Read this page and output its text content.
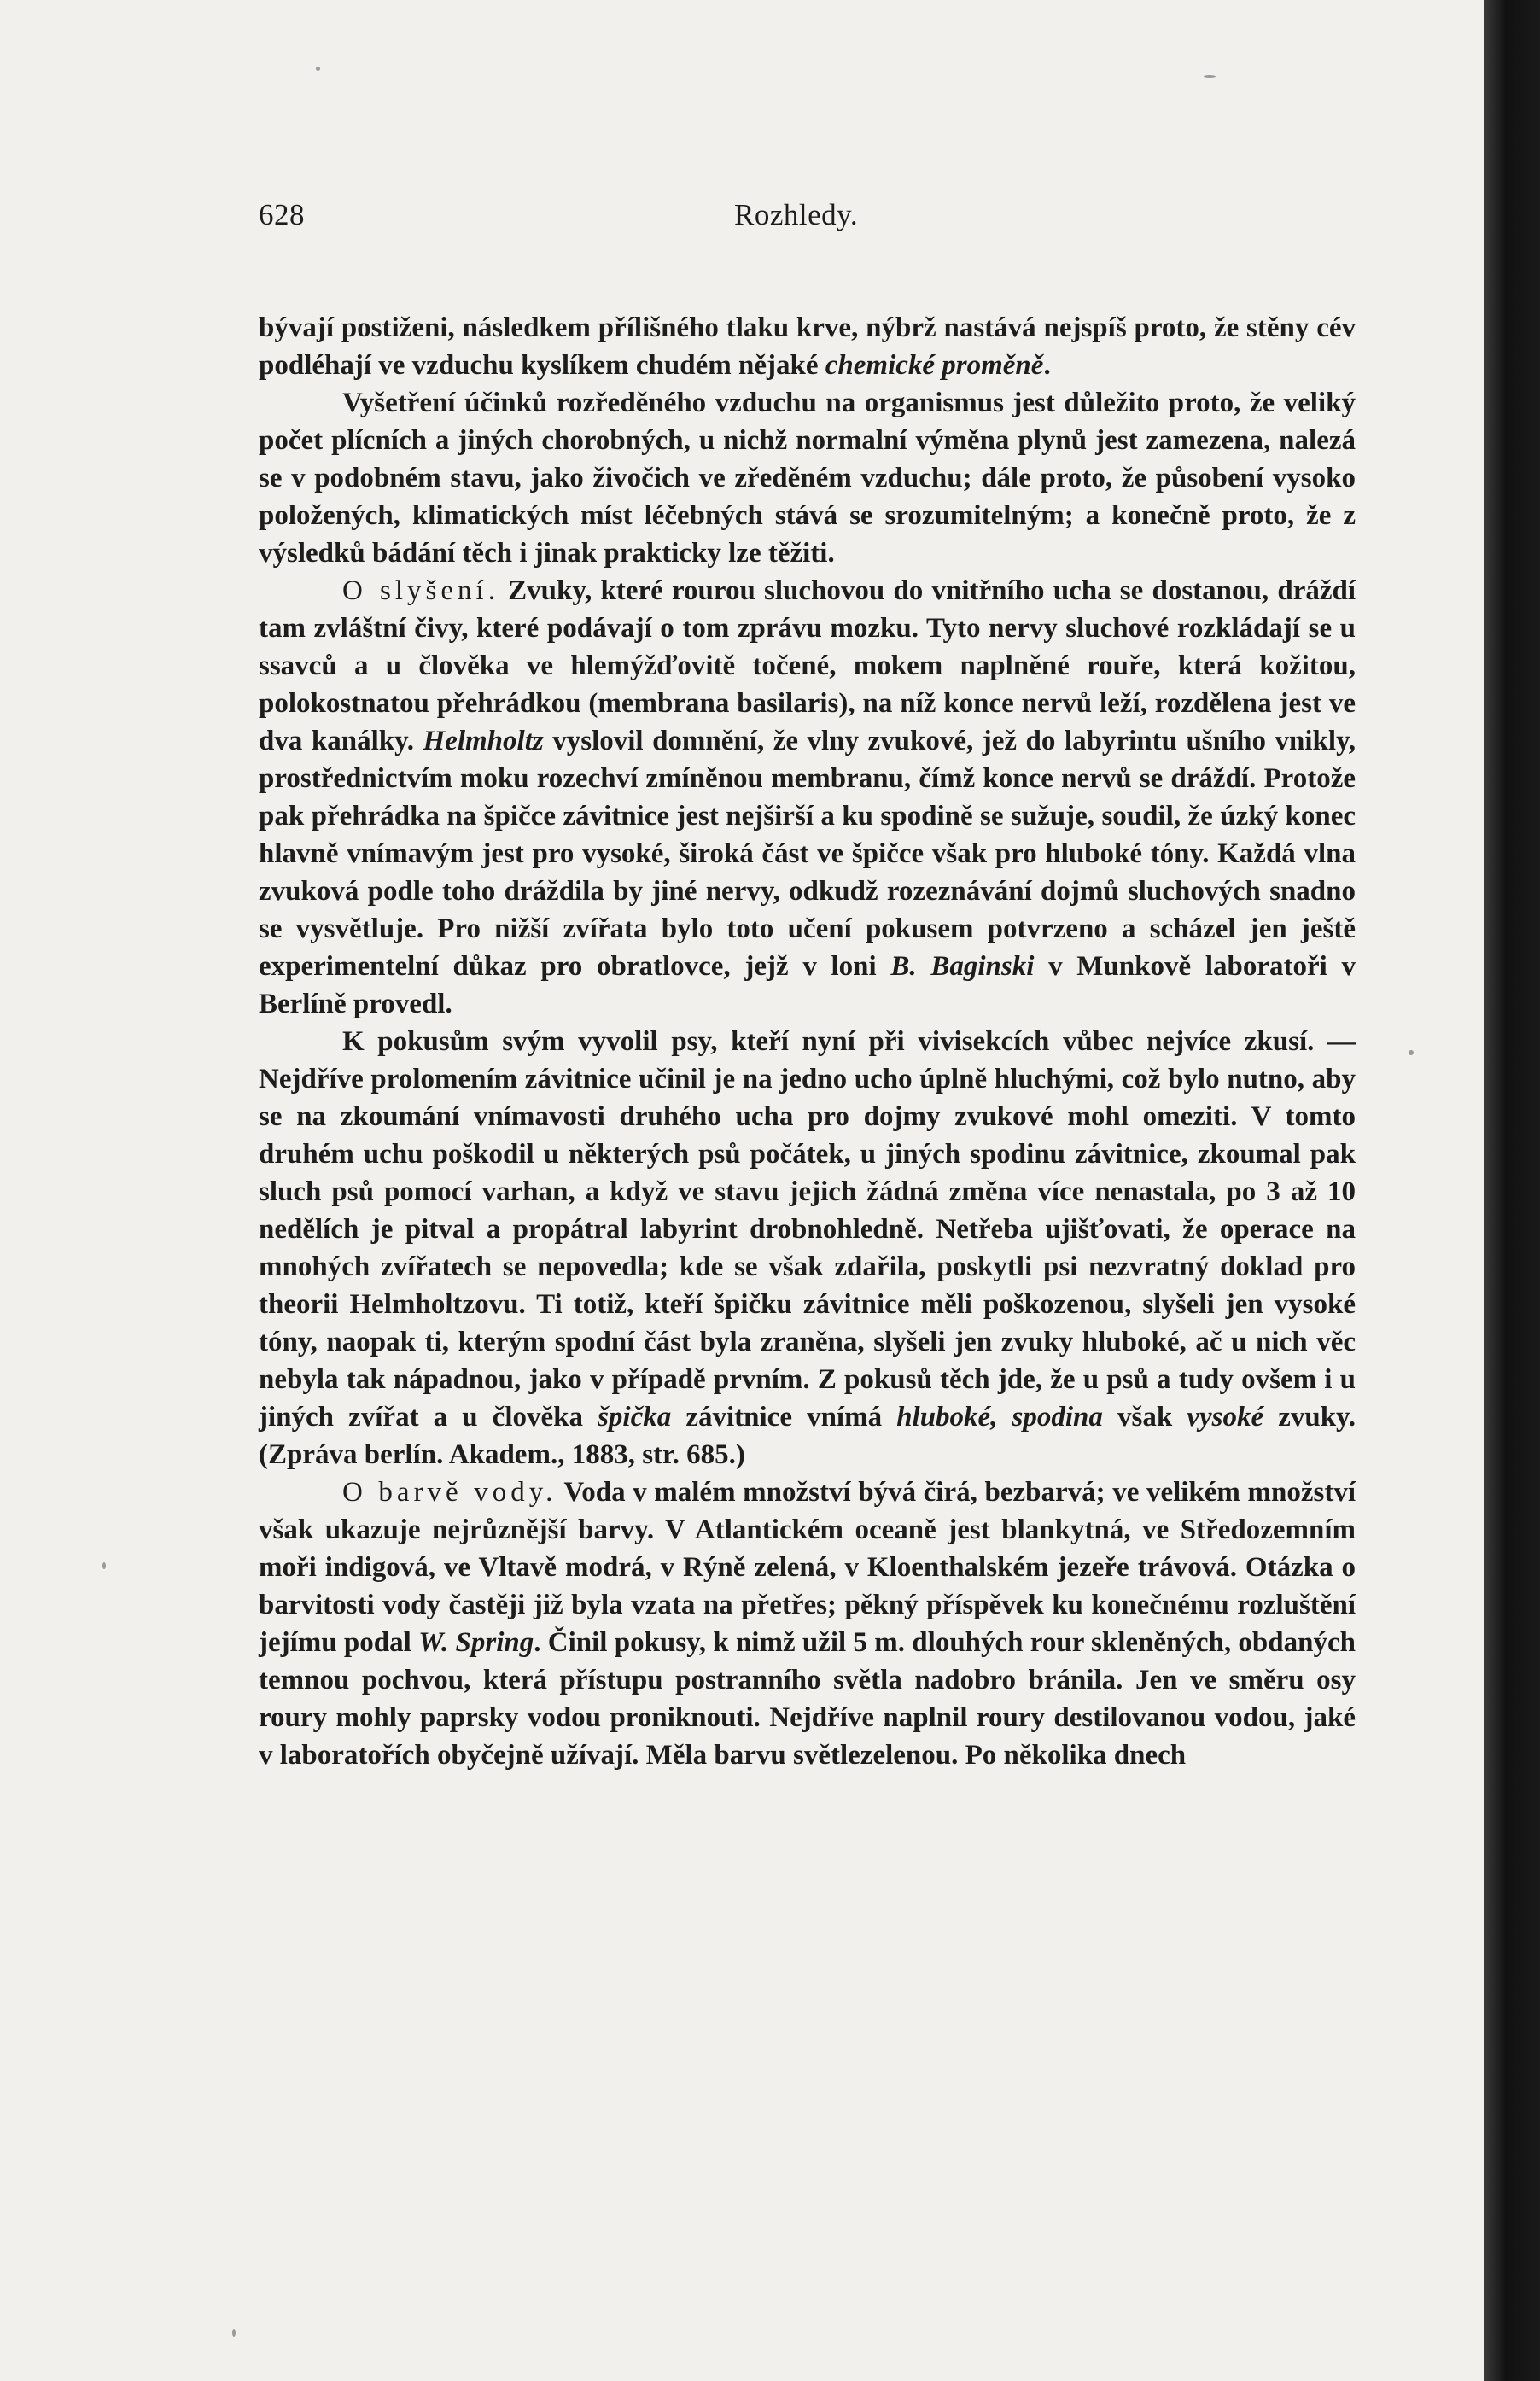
628	Rozhledy.

bývají postiženi, následkem přílišného tlaku krve, nýbrž nastává nejspíš proto, že stěny cév podléhají ve vzduchu kyslíkem chudém nějaké chemické proměně.

Vyšetření účinků rozředěného vzduchu na organismus jest důležito proto, že veliký počet plícních a jiných chorobných, u nichž normalní výměna plynů jest zamezena, nalezá se v podobném stavu, jako živočich ve zředěném vzduchu; dále proto, že působení vysoko položených, klimatických míst léčebných stává se srozumitelným; a konečně proto, že z výsledků bádání těch i jinak prakticky lze těžiti.

O slyšení. Zvuky, které rourou sluchovou do vnitřního ucha se dostanou, dráždí tam zvláštní čivy, které podávají o tom zprávu mozku. Tyto nervy sluchové rozkládají se u ssavců a u člověka ve hlemýžďovitě točené, mokem naplněné rouře, která kožitou, polokostnatou přehrádkou (membrana basilaris), na níž konce nervů leží, rozdělena jest ve dva kanálky. Helmholtz vyslovil domnění, že vlny zvukové, jež do labyrintu ušního vnikly, prostřednictvím moku rozechví zmíněnou membranu, čímž konce nervů se dráždí. Protože pak přehrádka na špičce závitnice jest nejširší a ku spodině se sužuje, soudil, že úzký konec hlavně vnímavým jest pro vysoké, široká část ve špičce však pro hluboké tóny. Každá vlna zvuková podle toho dráždila by jiné nervy, odkudž rozeznávání dojmů sluchových snadno se vysvětluje. Pro nižší zvířata bylo toto učení pokusem potvrzeno a scházel jen ještě experimentelní důkaz pro obratlovce, jejž v loni B. Baginski v Munkově laboratoři v Berlíně provedl.

K pokusům svým vyvolil psy, kteří nyní při vivisekcích vůbec nejvíce zkusí. — Nejdříve prolomením závitnice učinil je na jedno ucho úplně hluchými, což bylo nutno, aby se na zkoumání vnímavosti druhého ucha pro dojmy zvukové mohl omeziti. V tomto druhém uchu poškodil u některých psů počátek, u jiných spodinu závitnice, zkoumal pak sluch psů pomocí varhan, a když ve stavu jejich žádná změna více nenastala, po 3 až 10 nedělích je pitval a propátral labyrint drobnohledně. Netřeba ujišťovati, že operace na mnohých zvířatech se nepovedla; kde se však zdařila, poskytli psi nezvratný doklad pro theorii Helmholtzovu. Ti totiž, kteří špičku závitnice měli poškozenou, slyšeli jen vysoké tóny, naopak ti, kterým spodní část byla zraněna, slyšeli jen zvuky hluboké, ač u nich věc nebyla tak nápadnou, jako v případě prvním. Z pokusů těch jde, že u psů a tudy ovšem i u jiných zvířat a u člověka špička závitnice vnímá hluboké, spodina však vysoké zvuky. (Zpráva berlín. Akadem., 1883, str. 685.)

O barvě vody. Voda v malém množství bývá čirá, bezbarvá; ve velikém množství však ukazuje nejrůznější barvy. V Atlantickém oceaně jest blankytná, ve Středozemním moři indigová, ve Vltavě modrá, v Rýně zelená, v Kloenthalském jezeře trávová. Otázka o barvitosti vody častěji již byla vzata na přetřes; pěkný příspěvek ku konečnému rozluštění jejímu podal W. Spring. Činil pokusy, k nimž užil 5 m. dlouhých rour skleněných, obdaných temnou pochvou, která přístupu postranního světla nadobro bránila. Jen ve směru osy roury mohly paprsky vodou proniknouti. Nejdříve naplnil roury destilovanou vodou, jaké v laboratořích obyčejně užívají. Měla barvu světlezelenou. Po několika dnech
